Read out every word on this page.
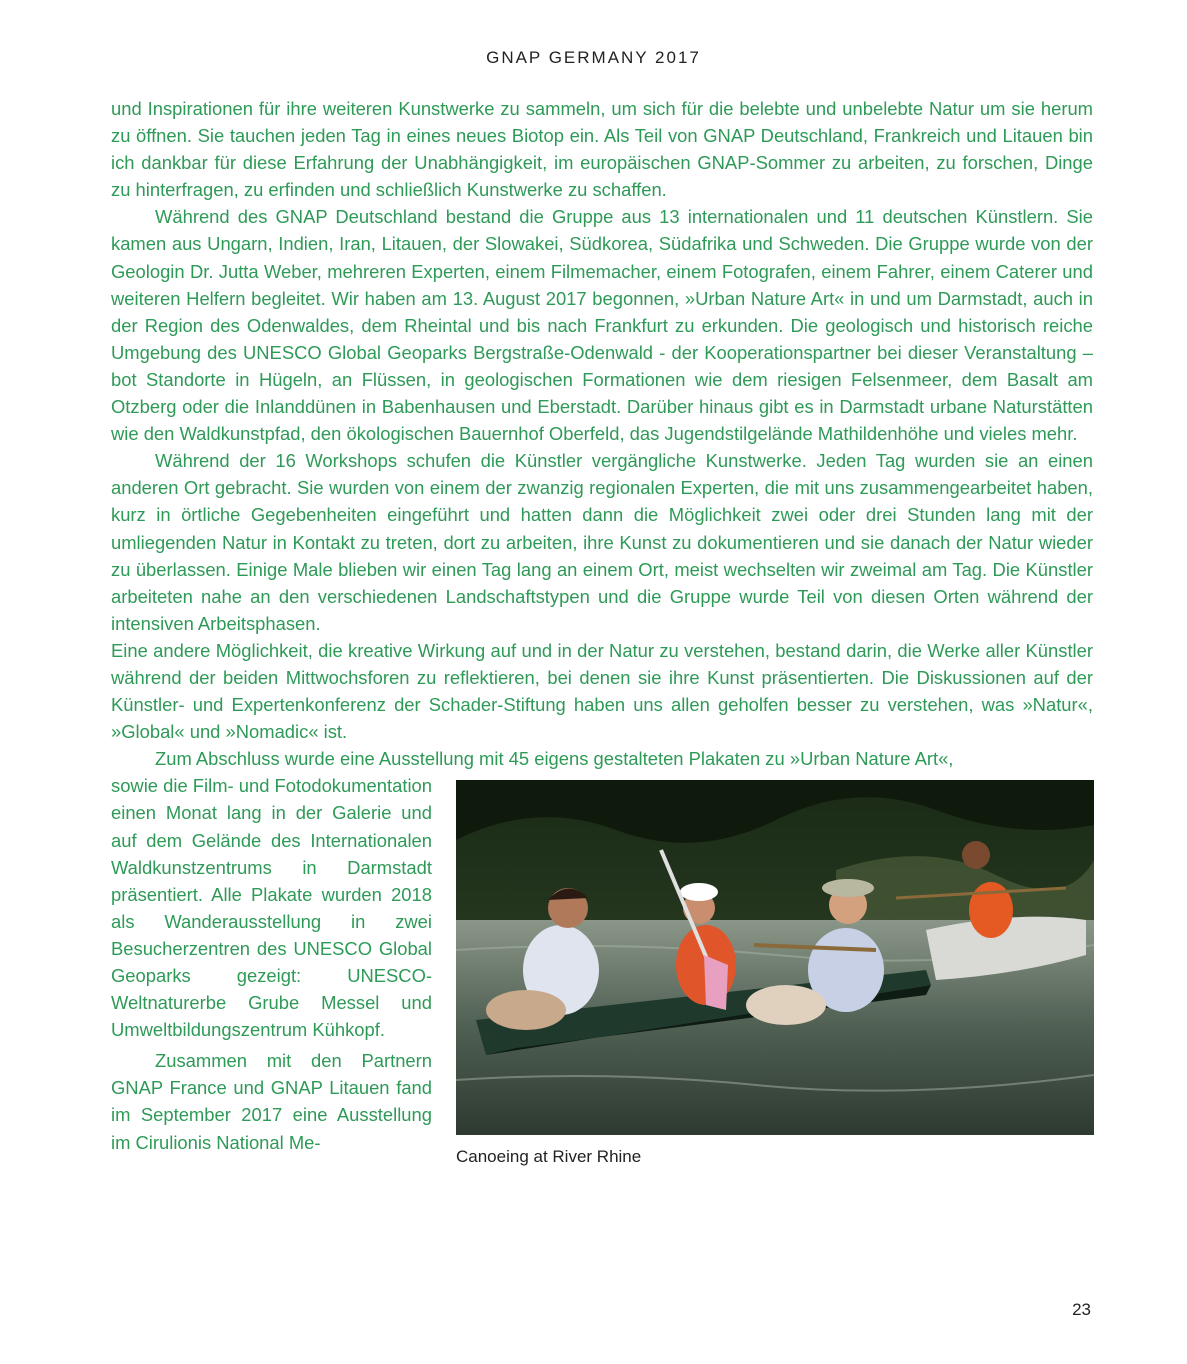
GNAP GERMANY 2017

und Inspirationen für ihre weiteren Kunstwerke zu sammeln, um sich für die belebte und unbelebte Natur um sie herum zu öffnen. Sie tauchen jeden Tag in eines neues Biotop ein. Als Teil von GNAP Deutschland, Frankreich und Litauen bin ich dankbar für diese Erfahrung der Unabhängigkeit, im europäischen GNAP-Sommer zu arbeiten, zu forschen, Dinge zu hinterfragen, zu erfinden und schließlich Kunstwerke zu schaffen.

Während des GNAP Deutschland bestand die Gruppe aus 13 internationalen und 11 deutschen Künstlern. Sie kamen aus Ungarn, Indien, Iran, Litauen, der Slowakei, Südkorea, Südafrika und Schweden. Die Gruppe wurde von der Geologin Dr. Jutta Weber, mehreren Experten, einem Filmemacher, einem Fotografen, einem Fahrer, einem Caterer und weiteren Helfern begleitet. Wir haben am 13. August 2017 begonnen, »Urban Nature Art« in und um Darmstadt, auch in der Region des Odenwaldes, dem Rheintal und bis nach Frankfurt zu erkunden. Die geologisch und historisch reiche Umgebung des UNESCO Global Geoparks Bergstraße-Odenwald - der Kooperationspartner bei dieser Veranstaltung – bot Standorte in Hügeln, an Flüssen, in geologischen Formationen wie dem riesigen Felsenmeer, dem Basalt am Otzberg oder die Inlanddünen in Babenhausen und Eberstadt. Darüber hinaus gibt es in Darmstadt urbane Naturstätten wie den Waldkunstpfad, den ökologischen Bauernhof Oberfeld, das Jugendstilgelände Mathildenhöhe und vieles mehr.

Während der 16 Workshops schufen die Künstler vergängliche Kunstwerke. Jeden Tag wurden sie an einen anderen Ort gebracht. Sie wurden von einem der zwanzig regionalen Experten, die mit uns zusammengearbeitet haben, kurz in örtliche Gegebenheiten eingeführt und hatten dann die Möglichkeit zwei oder drei Stunden lang mit der umliegenden Natur in Kontakt zu treten, dort zu arbeiten, ihre Kunst zu dokumentieren und sie danach der Natur wieder zu überlassen. Einige Male blieben wir einen Tag lang an einem Ort, meist wechselten wir zweimal am Tag. Die Künstler arbeiteten nahe an den verschiedenen Landschaftstypen und die Gruppe wurde Teil von diesen Orten während der intensiven Arbeitsphasen.

Eine andere Möglichkeit, die kreative Wirkung auf und in der Natur zu verstehen, bestand darin, die Werke aller Künstler während der beiden Mittwochsforen zu reflektieren, bei denen sie ihre Kunst präsentierten. Die Diskussionen auf der Künstler- und Expertenkonferenz der Schader-Stiftung haben uns allen geholfen besser zu verstehen, was »Natur«, »Global« und »Nomadic« ist.

Zum Abschluss wurde eine Ausstellung mit 45 eigens gestalteten Plakaten zu »Urban Nature Art«,

Canoeing at River Rhine

sowie die Film- und Fotodokumentation einen Monat lang in der Galerie und auf dem Gelände des Internationalen Waldkunstzentrums in Darmstadt präsentiert. Alle Plakate wurden 2018 als Wanderausstellung in zwei Besucherzentren des UNESCO Global Geoparks gezeigt: UNESCO-Weltnaturerbe Grube Messel und Umweltbildungszentrum Kühkopf.

Zusammen mit den Partnern GNAP France und GNAP Litauen fand im September 2017 eine Ausstellung im Cirulionis National Me-

23
